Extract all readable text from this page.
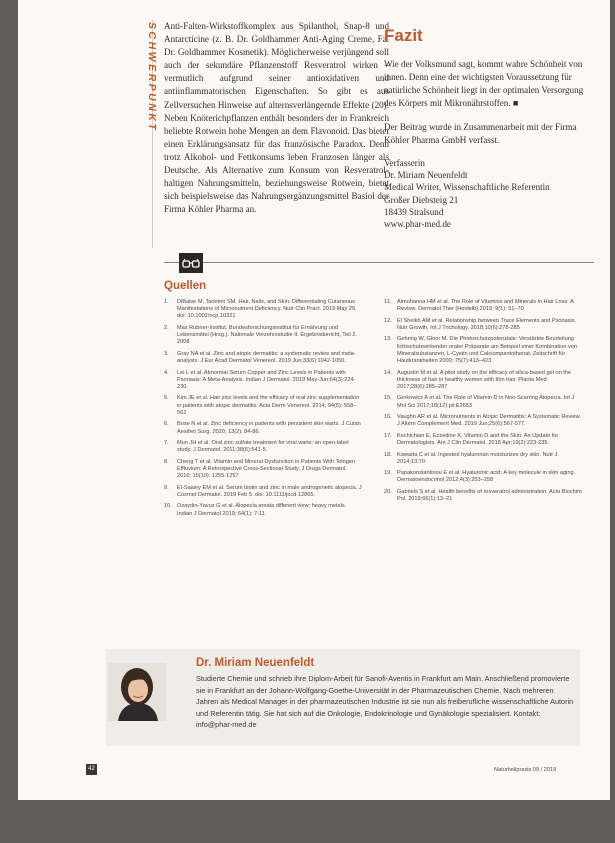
SCHWERPUNKT Anti-Falten-Wirkstoffkomplex aus Spilanthol, Snap-8 und Antarcticine (z. B. Dr. Goldhammer Anti-Aging Creme, Fa. Dr. Goldhammer Kosmetik). Möglicherweise verjüngend soll auch der sekundäre Pflanzenstoff Resveratrol wirken – vermutlich aufgrund seiner antioxidativen und antiinflammatorischen Eigenschaften. So gibt es aus Zellversuchen Hinweise auf alternsverlängernde Effekte (20). Neben Knöterichpflanzen enthält besonders der in Frankreich beliebte Rotwein hohe Mengen an dem Flavonoid. Das bietet einen Erklärungsansatz für das französische Paradox. Denn trotz Alkohol- und Fettkonsums leben Franzosen länger als Deutsche. Als Alternative zum Konsum von Resveratrol-haltigen Nahrungsmitteln, beziehungsweise Rotwein, bietet sich beispielsweise das Nahrungsergänzungsmittel Basiol der Firma Köhler Pharma an.

Fazit
Wie der Volksmund sagt, kommt wahre Schönheit von innen. Denn eine der wichtigsten Voraussetzung für natürliche Schönheit liegt in der optimalen Versorgung des Körpers mit Mikronährstoffen. ■
Der Beitrag wurde in Zusammenarbeit mit der Firma Köhler Pharma GmbH verfasst.
Verfasserin
Dr. Miriam Neuenfeldt
Medical Writer, Wissenschaftliche Referentin
Großer Diebsteig 21
18439 Stralsund
www.phar-med.de
Quellen
1.	DiBaise M, Tarleton SM. Hair, Nails, and Skin: Differentiating Cutaneous Manifestations of Micronutrient Deficiency. Nutr Clin Pract. 2019 May 29. doi: 10.1002/ncp.10321
2.	Max Rubner-Institut, Bundesforschungsinstitut für Ernährung und Lebensmittel (Hrsg.). Nationale Verzehrsstudie II. Ergebnisbericht, Teil 2. 2008
3.	Gray NA et al. Zinc and atopic dermatitis: a systematic review and meta-analysis. J Eur Acad Dermatol Venereol. 2019 Jun;33(6):1042-1050.
4.	Lei L et al. Abnormal Serum Copper and Zinc Levels in Patients with Psoriasis: A Meta-Analysis. Indian J Dermatol. 2019 May-Jun;64(3):224-230.
5.	Kim JE et al. Hair zinc levels and the efficacy of oral zinc supplementation in patients with atopic dermatitis. Acta Derm Venereol. 2014; 94(5): 558–562
6.	Bose N et al. Zinc deficiency in patients with persistent skin warts. J Cutan Aesthet Surg. 2020; 13(2): 84-86.
7.	Mun JH et al. Oral zinc sulfate treatment for viral warts: an open-label study. J Dermatol. 2011;38(6):541-5.
8.	Cheng T et al. Vitamin and Mineral Dysfunction in Patients With Telogen Effluvium: A Retrospective Cross-Sectional Study. J Drugs Dermatol. 2016; 15(10): 1255-1257
9.	El-Saaiey EM et al. Serum biotin and zinc in male androgenetic alopecia. J Cosmet Dermatol. 2019 Feb 5. doi: 10.1111/jocd.12865.
10. Ozaydin-Yavuz G et al. Alopecia areata different view; heavy metals. Indian J Dermatol 2019; 64(1): 7-11
11.	Almohanna HM et al. The Role of Vitamins and Minerals in Hair Loss: A Review. Dermatol Ther (Heidelb).2019; 9(1): 51–70
12. El Sheikh AM et al. Relationship between Trace Elements and Psoriasis. Nutr Growth, Int J Trichology. 2018;10(6):278-285
13. Gehring W, Gloor M. Die Photoschutzpotenziale: Verstärkte Beurteilung lichtschutzwirkender oraler Präparate am Beispiel einer Kombination von Mineralsubstanzen, L-Cystin und Calciumpantothenat. Zeitschrift für Hautkrankheiten 2000; 75(7):413–423
14. Augustin M et al. A pilot study on the efficacy of silica-based gel on the thickness of hair in healthy women with thin hair. Planta Med 2017;28(6):285–287
15. Gerkowicz A et al. The Role of Vitamin D in Non-Scarring Alopecia. Int J Mol Sci 2017;18(12):pii:E2653
16. Vaughn AR et al. Micronutrients in Atopic Dermatitis: A Systematic Review. J Altern Complement Med. 2019 Jun;25(6):567-577.
17. Kechichian E, Ezzedine K. Vitamin D and the Skin: An Update for Dermatologists. Am J Clin Dermatol. 2018 Apr;19(2):223-235.
18. Kawada C et al. Ingested hyaluronan moisturizes dry skin. Nutr J. 2014;13:70
19. Papakonstantinou E et al. Hyaluronic acid: A key molecule in skin aging. Dermatoendocrinol 2012;4(3):253–258
20. Gabriels S et al. Health benefits of resveratrol administration. Acta Biochim Pol. 2019;66(1):13–21
Dr. Miriam Neuenfeldt
Studierte Chemie und schrieb ihre Diplom-Arbeit für Sanofi-Aventis in Frankfurt am Main. Anschließend promovierte sie in Frankfurt an der Johann-Wolfgang-Goethe-Universität in der Pharmazeutischen Chemie. Nach mehreren Jahren als Medical Manager in der pharmazeutischen Industrie ist sie nun als freiberufliche wissenschaftliche Autorin und Referentin tätig. Sie hat sich auf die Onkologie, Endokrinologie und Gynäkologie spezialisiert. Kontakt: info@phar-med.de
42	Naturheilpraxis 09 / 2019
